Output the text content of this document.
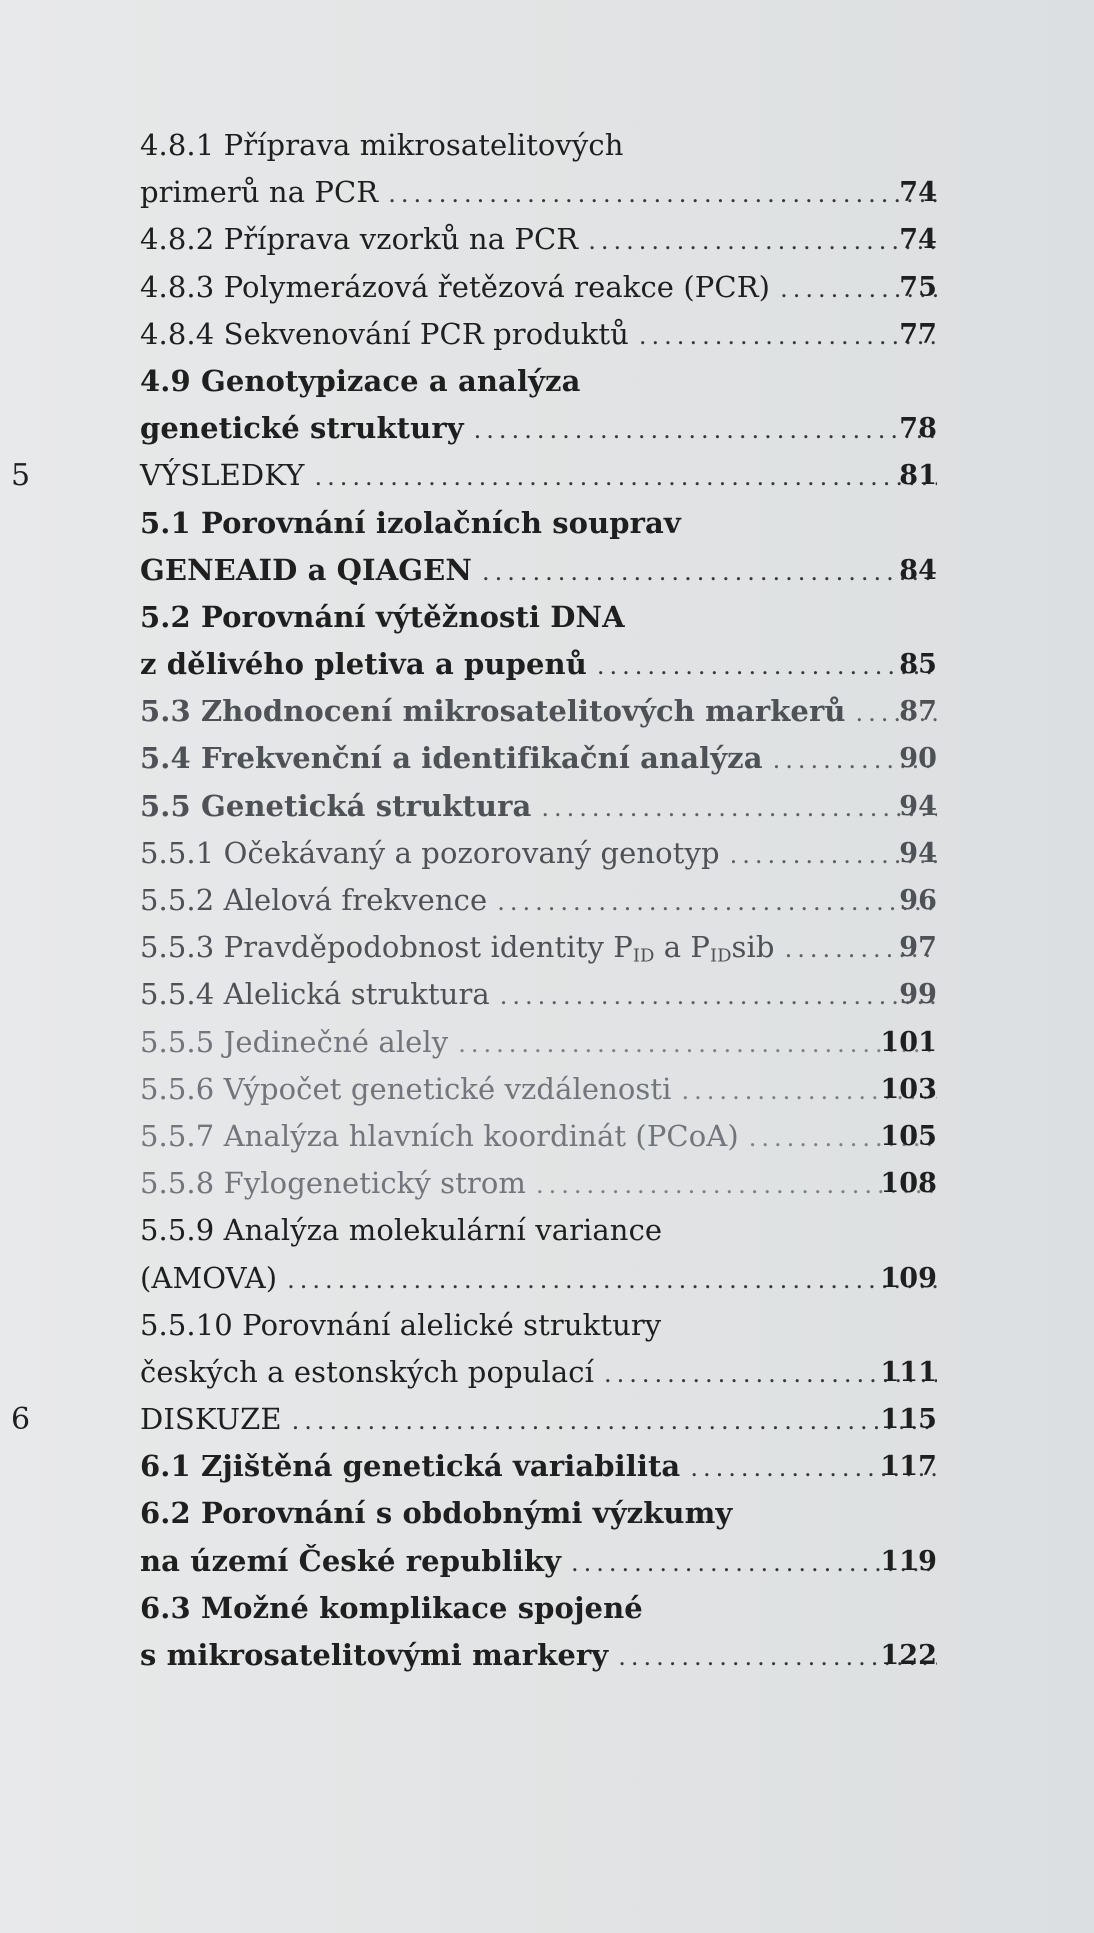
4.8.1 Příprava mikrosatelitových
primerů na PCR .....	74
4.8.2 Příprava vzorků na PCR .....	74
4.8.3 Polymerázová řetězová reakce (PCR) .....	75
4.8.4 Sekvenování PCR produktů .....	77
4.9 Genotypizace a analýza
genetické struktury .....	78
5	VÝSLEDKY .....	81
5.1 Porovnání izolačních souprav
GENEAID a QIAGEN .....	84
5.2 Porovnání výtěžnosti DNA
z dělivého pletiva a pupenů .....	85
5.3 Zhodnocení mikrosatelitových markerů .....	87
5.4 Frekvenční a identifikační analýza .....	90
5.5 Genetická struktura .....	94
5.5.1 Očekávaný a pozorovaný genotyp .....	94
5.5.2 Alelová frekvence .....	96
5.5.3 Pravděpodobnost identity PID a PIDsib .....	97
5.5.4 Alelická struktura .....	99
5.5.5 Jedinečné alely .....	101
5.5.6 Výpočet genetické vzdálenosti .....	103
5.5.7 Analýza hlavních koordinát (PCoA) .....	105
5.5.8 Fylogenetický strom .....	108
5.5.9 Analýza molekulární variance
(AMOVA) .....	109
5.5.10 Porovnání alelické struktury
českých a estonských populací .....	111
6	DISKUZE .....	115
6.1 Zjištěná genetická variabilita .....	117
6.2 Porovnání s obdobnými výzkumy
na území České republiky .....	119
6.3 Možné komplikace spojené
s mikrosatelitovými markery .....	122
